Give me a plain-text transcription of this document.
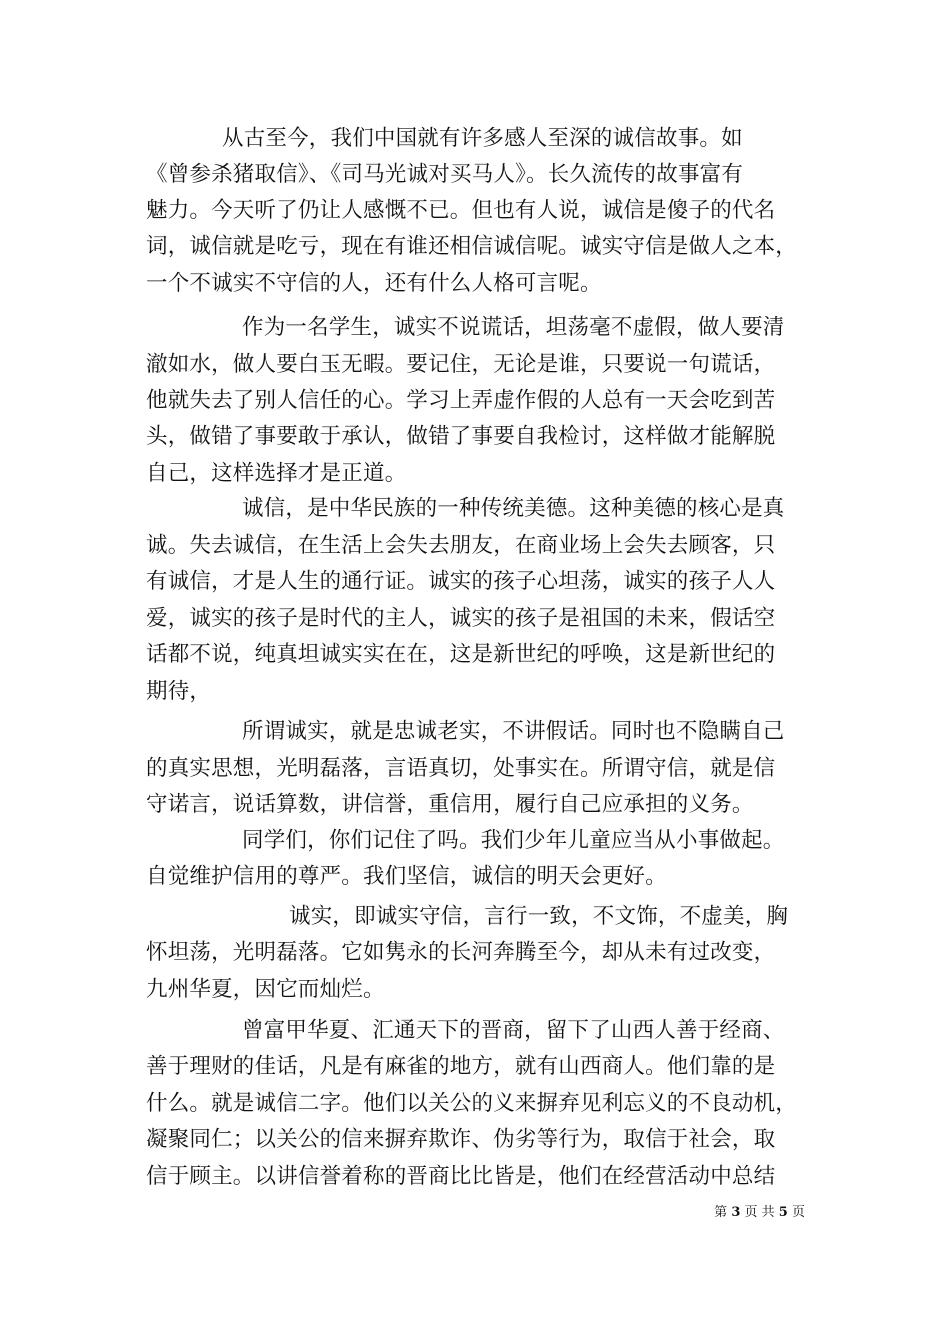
从古至今，我们中国就有许多感人至深的诚信故事。如
《曾参杀猪取信》、《司马光诚对买马人》。长久流传的故事富有
魅力。今天听了仍让人感慨不已。但也有人说，诚信是傻子的代名
词，诚信就是吃亏，现在有谁还相信诚信呢。诚实守信是做人之本，
一个不诚实不守信的人，还有什么人格可言呢。
作为一名学生，诚实不说谎话，坦荡毫不虚假，做人要清
澈如水，做人要白玉无暇。要记住，无论是谁，只要说一句谎话，
他就失去了别人信任的心。学习上弄虚作假的人总有一天会吃到苦
头，做错了事要敢于承认，做错了事要自我检讨，这样做才能解脱
自己，这样选择才是正道。
诚信，是中华民族的一种传统美德。这种美德的核心是真
诚。失去诚信，在生活上会失去朋友，在商业场上会失去顾客，只
有诚信，才是人生的通行证。诚实的孩子心坦荡，诚实的孩子人人
爱，诚实的孩子是时代的主人，诚实的孩子是祖国的未来，假话空
话都不说，纯真坦诚实实在在，这是新世纪的呼唤，这是新世纪的
期待，
所谓诚实，就是忠诚老实，不讲假话。同时也不隐瞒自己
的真实思想，光明磊落，言语真切，处事实在。所谓守信，就是信
守诺言，说话算数，讲信誉，重信用，履行自己应承担的义务。
同学们，你们记住了吗。我们少年儿童应当从小事做起。
自觉维护信用的尊严。我们坚信，诚信的明天会更好。
诚实，即诚实守信，言行一致，不文饰，不虚美，胸
怀坦荡，光明磊落。它如隽永的长河奔腾至今，却从未有过改变，
九州华夏，因它而灿烂。
曾富甲华夏、汇通天下的晋商，留下了山西人善于经商、
善于理财的佳话，凡是有麻雀的地方，就有山西商人。他们靠的是
什么。就是诚信二字。他们以关公的义来摒弃见利忘义的不良动机，
凝聚同仁；以关公的信来摒弃欺诈、伪劣等行为，取信于社会，取
信于顾主。以讲信誉着称的晋商比比皆是，他们在经营活动中总结
第 3 页 共 5 页
